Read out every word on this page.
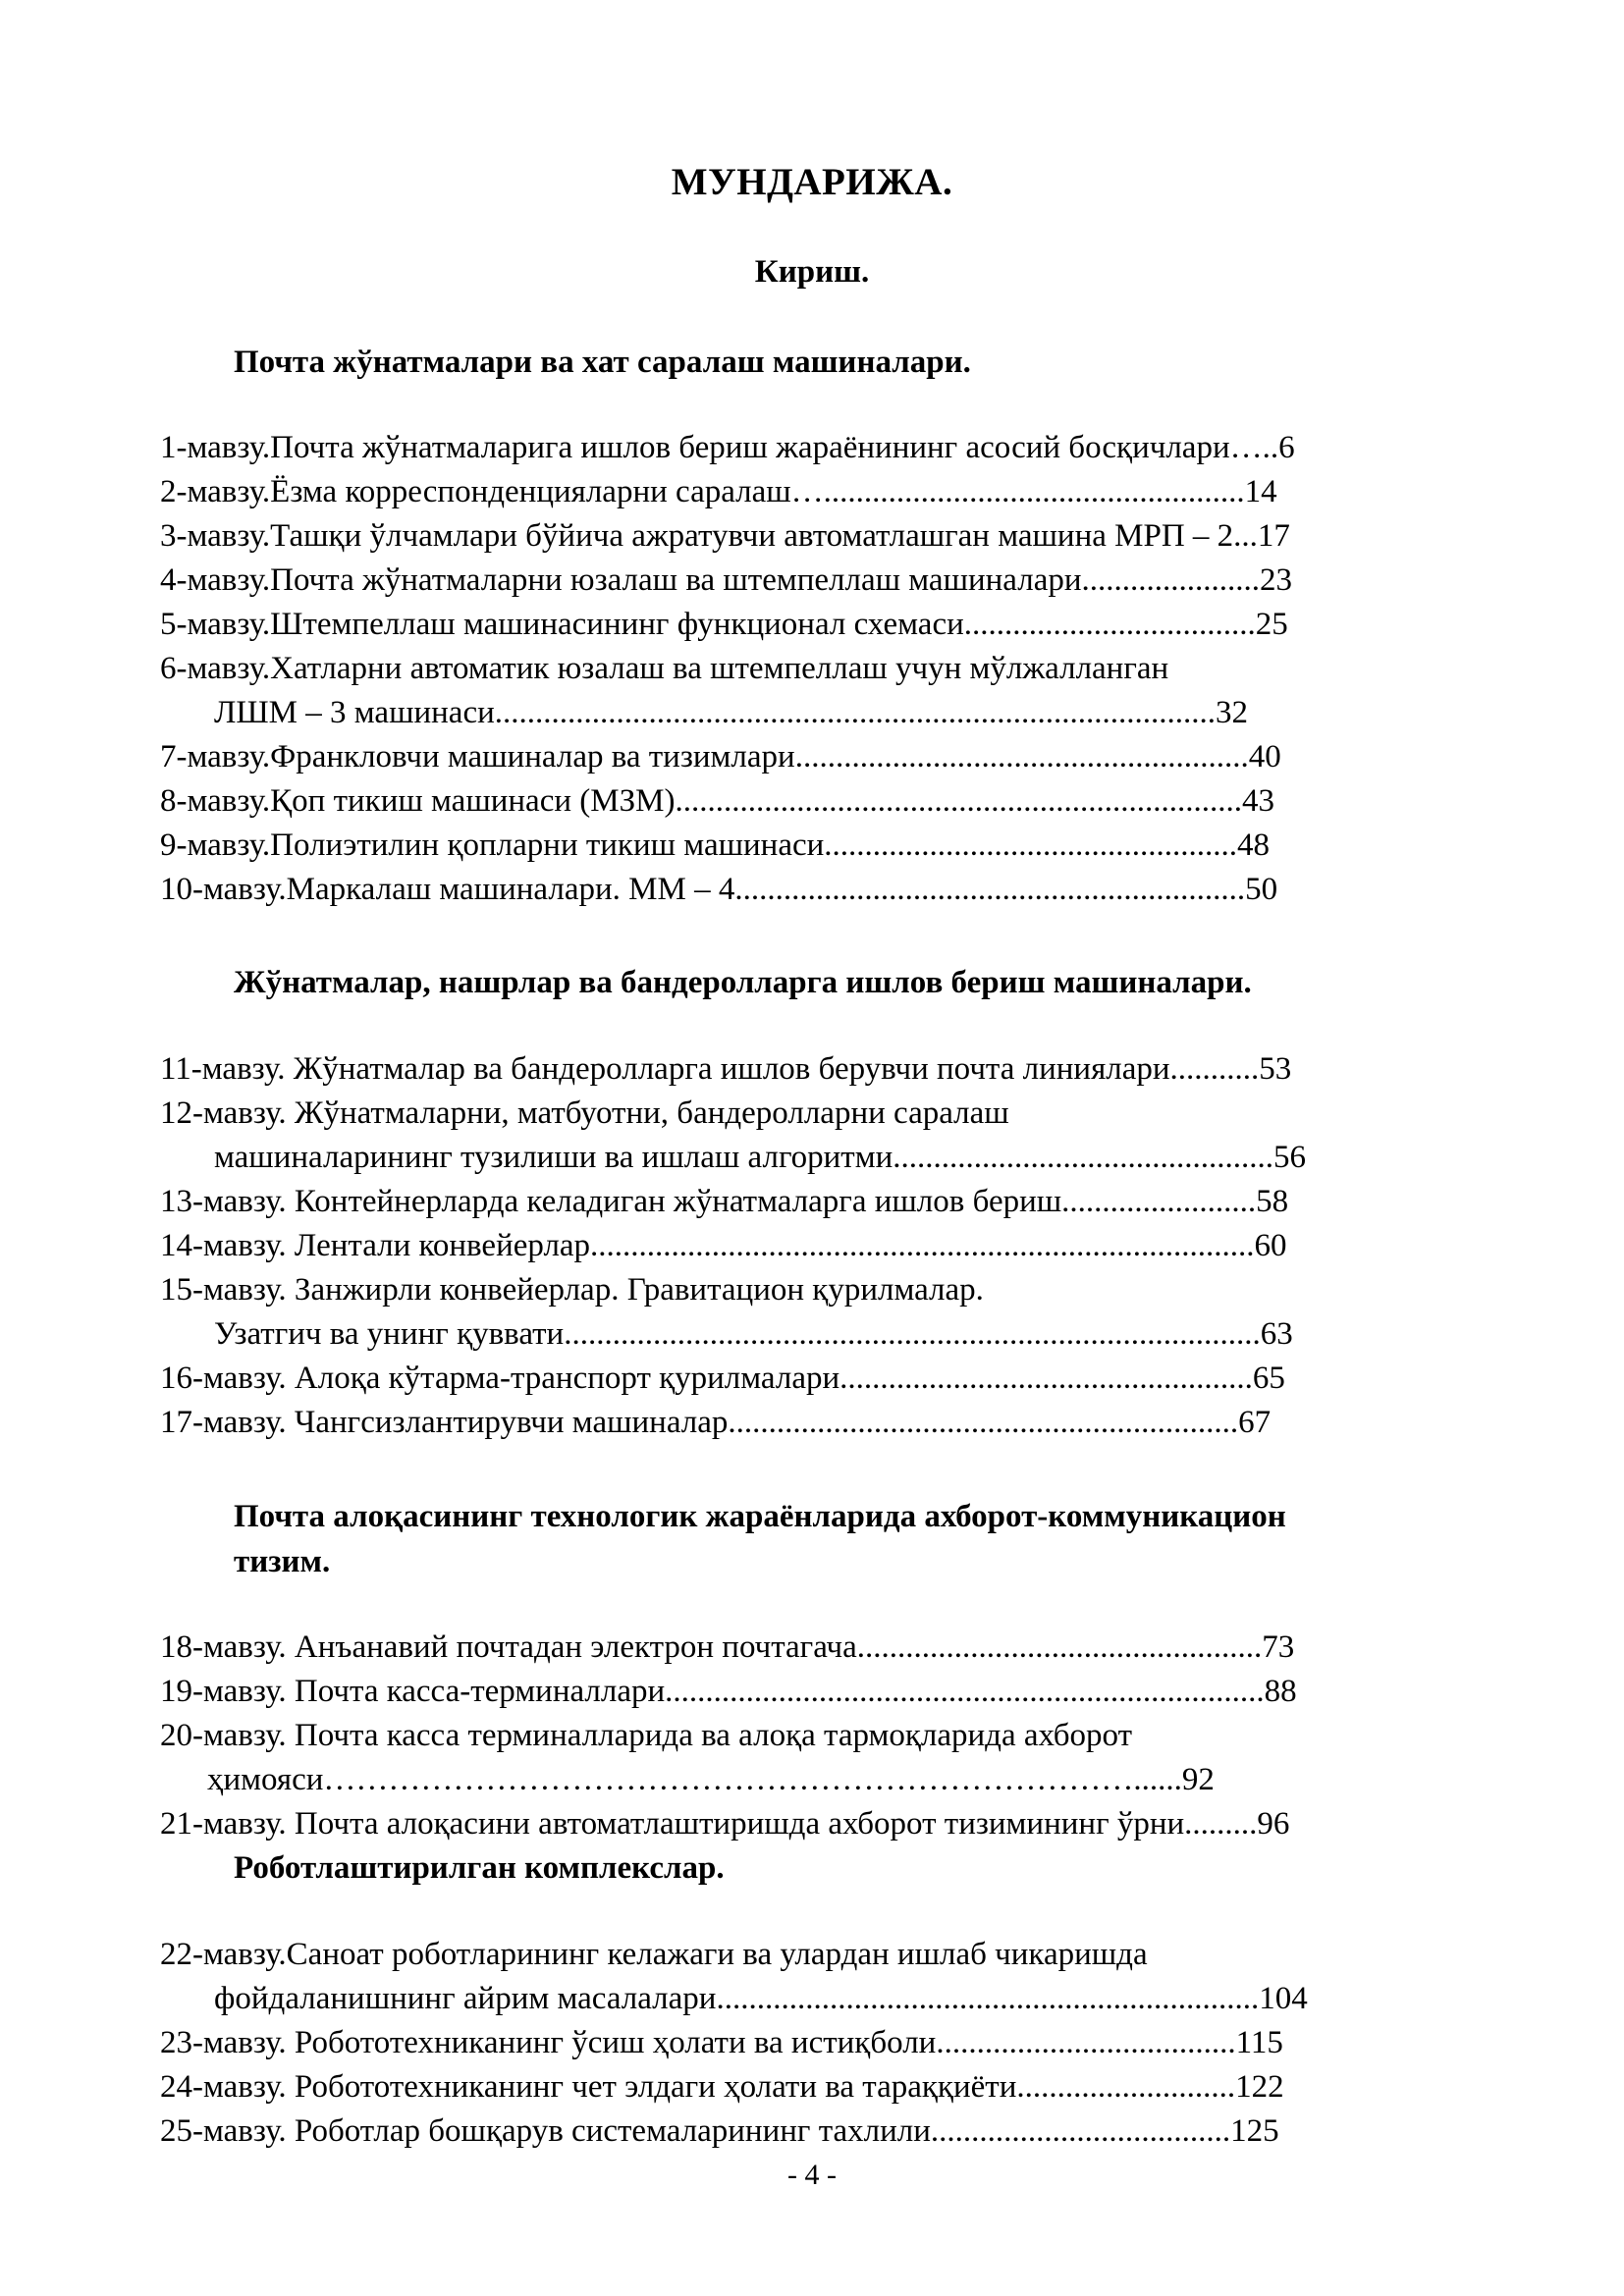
МУНДАРИЖА.
Кириш.
Почта жўнатмалари ва хат саралаш машиналари.
1-мавзу.Почта жўнатмаларига ишлов бериш жараёнининг асосий босқичлари…..6
2-мавзу.Ёзма корреспонденцияларни саралаш…....................................................14
3-мавзу.Ташқи ўлчамлари бўйича ажратувчи автоматлашган машина МРП – 2...17
4-мавзу.Почта жўнатмаларни юзалаш ва штемпеллаш машиналари......................23
5-мавзу.Штемпеллаш машинасининг функционал схемаси....................................25
6-мавзу.Хатларни автоматик юзалаш ва штемпеллаш учун мўлжалланган
ЛШМ – 3 машинаси.........................................................................................32
7-мавзу.Франкловчи машиналар ва тизимлари........................................................40
8-мавзу.Қоп тикиш машинаси (МЗМ)......................................................................43
9-мавзу.Полиэтилин қопларни тикиш машинаси...................................................48
10-мавзу.Маркалаш машиналари. ММ – 4...............................................................50
Жўнатмалар, нашрлар ва бандеролларга ишлов бериш машиналари.
11-мавзу. Жўнатмалар ва бандеролларга ишлов берувчи почта линиялари...........53
12-мавзу. Жўнатмаларни, матбуотни, бандеролларни саралаш
машиналарининг тузилиши ва ишлаш алгоритми...............................................56
13-мавзу. Контейнерларда келадиган жўнатмаларга ишлов бериш........................58
14-мавзу. Лентали конвейерлар..................................................................................60
15-мавзу. Занжирли конвейерлар. Гравитацион қурилмалар.
Узатгич ва унинг қуввати......................................................................................63
16-мавзу. Алоқа кўтарма-транспорт қурилмалари...................................................65
17-мавзу. Чангсизлантирувчи машиналар...............................................................67
Почта алоқасининг технологик жараёнларида ахборот-коммуникацион
тизим.
18-мавзу. Анъанавий почтадан электрон почтагача..................................................73
19-мавзу. Почта касса-терминаллари..........................................................................88
20-мавзу. Почта касса терминалларида ва алоқа тармоқларида ахборот
ҳимояси…………………………………………………………………......92
21-мавзу. Почта алоқасини автоматлаштиришда ахборот тизимининг ўрни.........96
Роботлаштирилган комплекслар.
22-мавзу.Саноат роботларининг келажаги ва улардан ишлаб чикаришда
фойдаланишнинг айрим масалалари...................................................................104
23-мавзу. Робототехниканинг ўсиш ҳолати ва истиқболи.....................................115
24-мавзу. Робототехниканинг чет элдаги ҳолати ва тараққиёти...........................122
25-мавзу. Роботлар бошқарув системаларининг тахлили.....................................125
- 4 -
